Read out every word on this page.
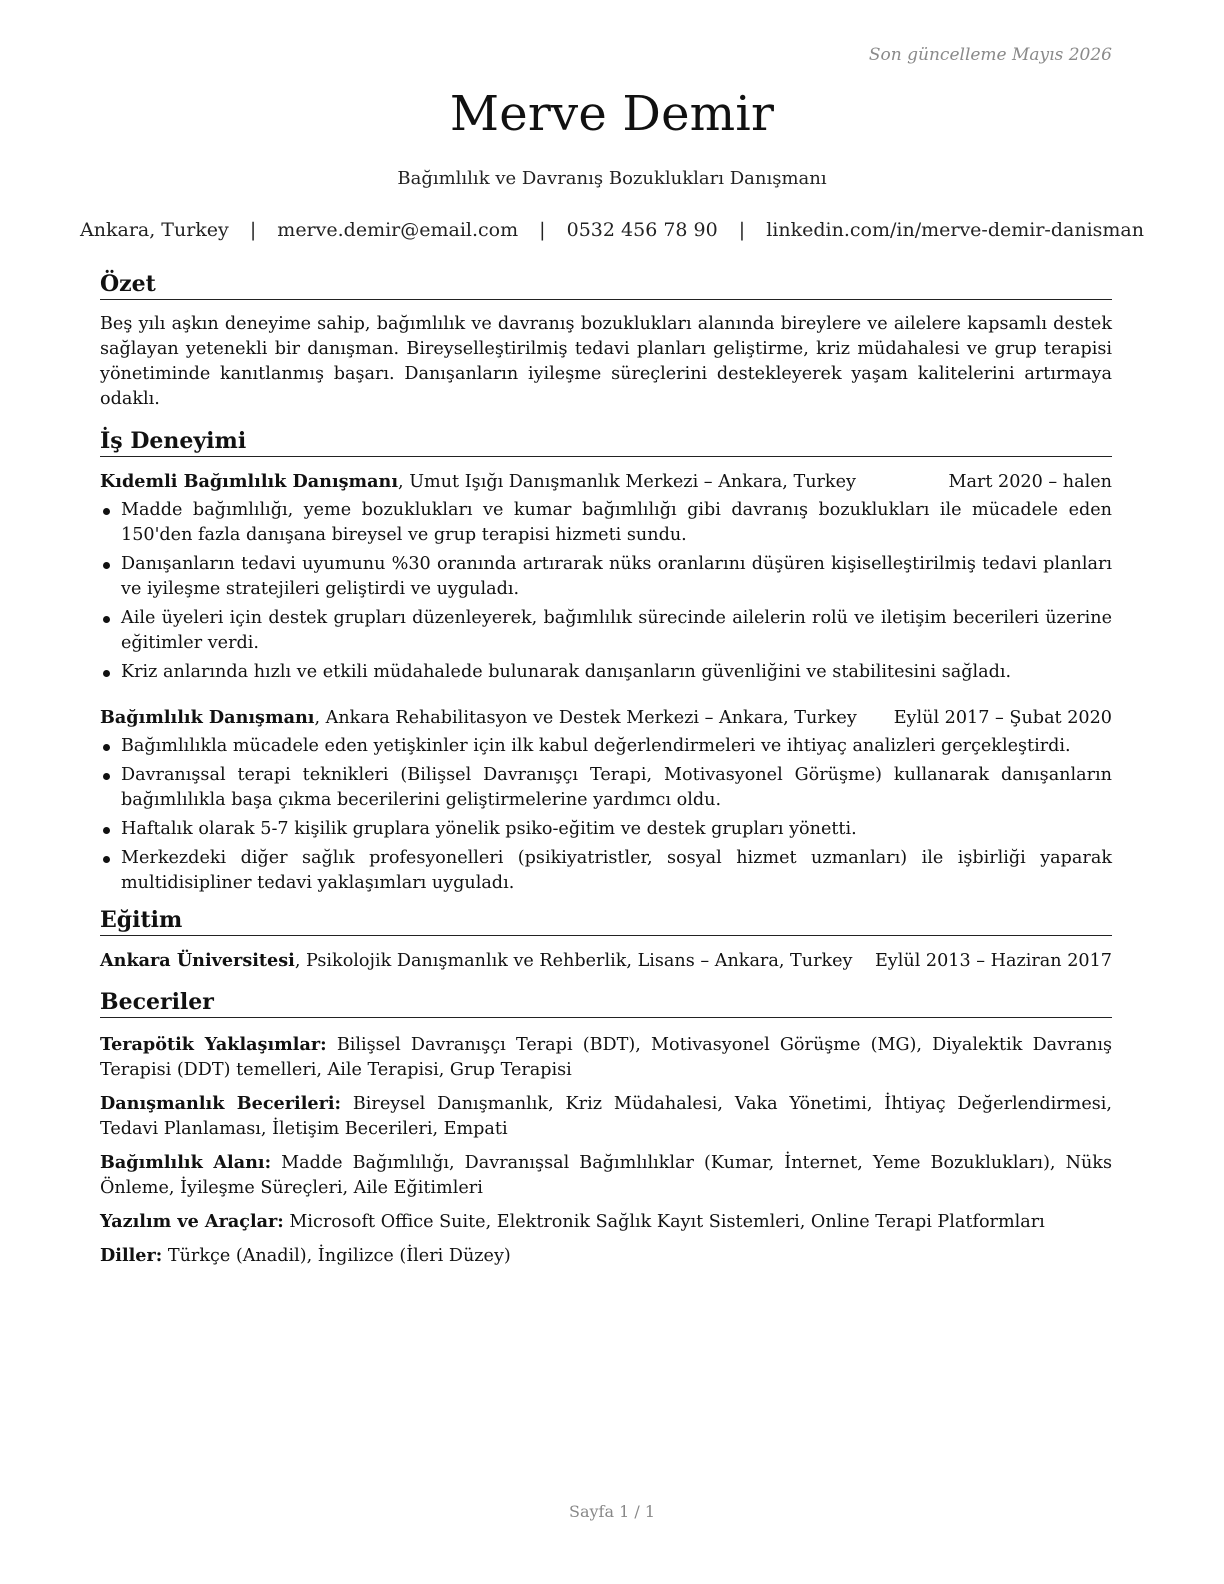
Son güncelleme Mayıs 2026
Merve Demir
Bağımlılık ve Davranış Bozuklukları Danışmanı
Ankara, Turkey | merve.demir@email.com | 0532 456 78 90 | linkedin.com/in/merve-demir-danisman
Özet

Beş yılı aşkın deneyime sahip, bağımlılık ve davranış bozuklukları alanında bireylere ve ailelere kapsamlı destek sağlayan yetenekli bir danışman. Bireyselleştirilmiş tedavi planları geliştirme, kriz müdahalesi ve grup terapisi yönetiminde kanıtlanmış başarı. Danışanların iyileşme süreçlerini destekleyerek yaşam kalitelerini artırmaya odaklı.

İş Deneyimi
Kıdemli Bağımlılık Danışmanı, Umut Işığı Danışmanlık Merkezi – Ankara, Turkey	Mart 2020 – halen
Madde bağımlılığı, yeme bozuklukları ve kumar bağımlılığı gibi davranış bozuklukları ile mücadele eden 150'den fazla danışana bireysel ve grup terapisi hizmeti sundu.
Danışanların tedavi uyumunu %30 oranında artırarak nüks oranlarını düşüren kişiselleştirilmiş tedavi planları ve iyileşme stratejileri geliştirdi ve uyguladı.
Aile üyeleri için destek grupları düzenleyerek, bağımlılık sürecinde ailelerin rolü ve iletişim becerileri üzerine eğitimler verdi.
Kriz anlarında hızlı ve etkili müdahalede bulunarak danışanların güvenliğini ve stabilitesini sağladı.
Bağımlılık Danışmanı, Ankara Rehabilitasyon ve Destek Merkezi – Ankara, Turkey Eylül 2017 – Şubat 2020
Bağımlılıkla mücadele eden yetişkinler için ilk kabul değerlendirmeleri ve ihtiyaç analizleri gerçekleştirdi.
Davranışsal terapi teknikleri (Bilişsel Davranışçı Terapi, Motivasyonel Görüşme) kullanarak danışanların bağımlılıkla başa çıkma becerilerini geliştirmelerine yardımcı oldu.
Haftalık olarak 5-7 kişilik gruplara yönelik psiko-eğitim ve destek grupları yönetti.
Merkezdeki diğer sağlık profesyonelleri (psikiyatristler, sosyal hizmet uzmanları) ile işbirliği yaparak multidisipliner tedavi yaklaşımları uyguladı.
Eğitim
Ankara Üniversitesi, Psikolojik Danışmanlık ve Rehberlik, Lisans – Ankara, Turkey Eylül 2013 – Haziran 2017
Beceriler
Terapötik Yaklaşımlar: Bilişsel Davranışçı Terapi (BDT), Motivasyonel Görüşme (MG), Diyalektik Davranış Terapisi (DDT) temelleri, Aile Terapisi, Grup Terapisi
Danışmanlık Becerileri: Bireysel Danışmanlık, Kriz Müdahalesi, Vaka Yönetimi, İhtiyaç Değerlendirmesi, Tedavi Planlaması, İletişim Becerileri, Empati
Bağımlılık Alanı: Madde Bağımlılığı, Davranışsal Bağımlılıklar (Kumar, İnternet, Yeme Bozuklukları), Nüks Önleme, İyileşme Süreçleri, Aile Eğitimleri
Yazılım ve Araçlar: Microsoft Office Suite, Elektronik Sağlık Kayıt Sistemleri, Online Terapi Platformları
Diller: Türkçe (Anadil), İngilizce (İleri Düzey)
Sayfa 1 / 1
